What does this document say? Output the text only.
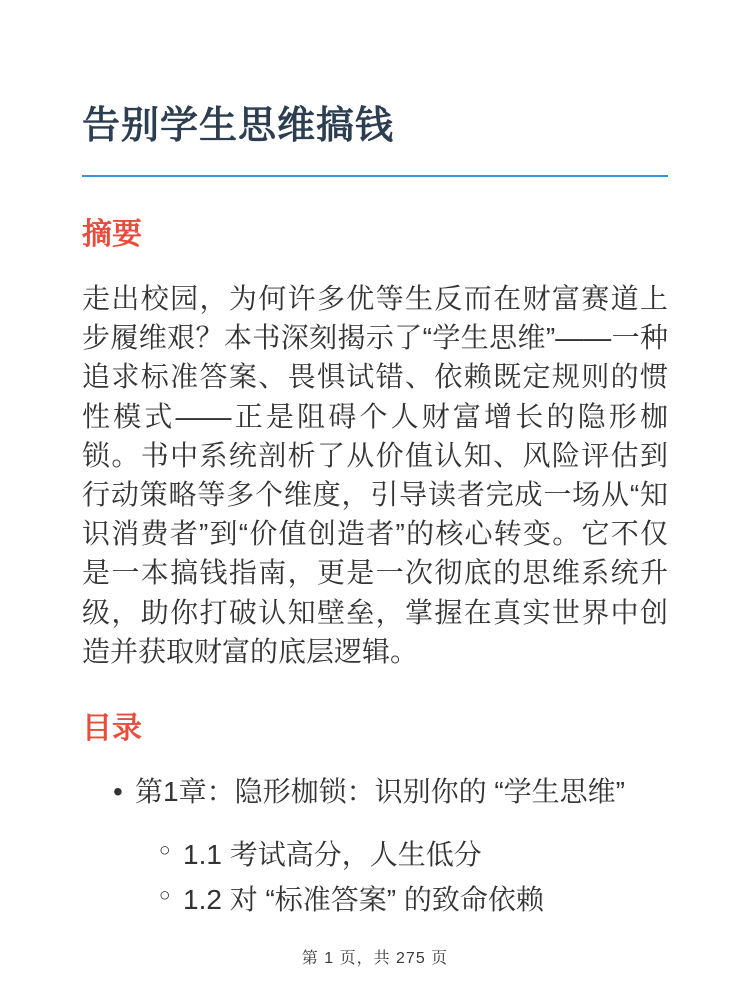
告别学生思维搞钱
摘要

走出校园，为何许多优等生反而在财富赛道上步履维艰？本书深刻揭示了“学生思维”——一种追求标准答案、畏惧试错、依赖既定规则的惯性模式——正是阻碍个人财富增长的隐形枷锁。书中系统剖析了从价值认知、风险评估到行动策略等多个维度，引导读者完成一场从“知识消费者”到“价值创造者”的核心转变。它不仅是一本搞钱指南，更是一次彻底的思维系统升级，助你打破认知壁垒，掌握在真实世界中创造并获取财富的底层逻辑。

目录
• 第1章：隐形枷锁：识别你的 “学生思维”
○ 1.1 考试高分，人生低分
○ 1.2 对 “标准答案” 的致命依赖
第 1 页，共 275 页
